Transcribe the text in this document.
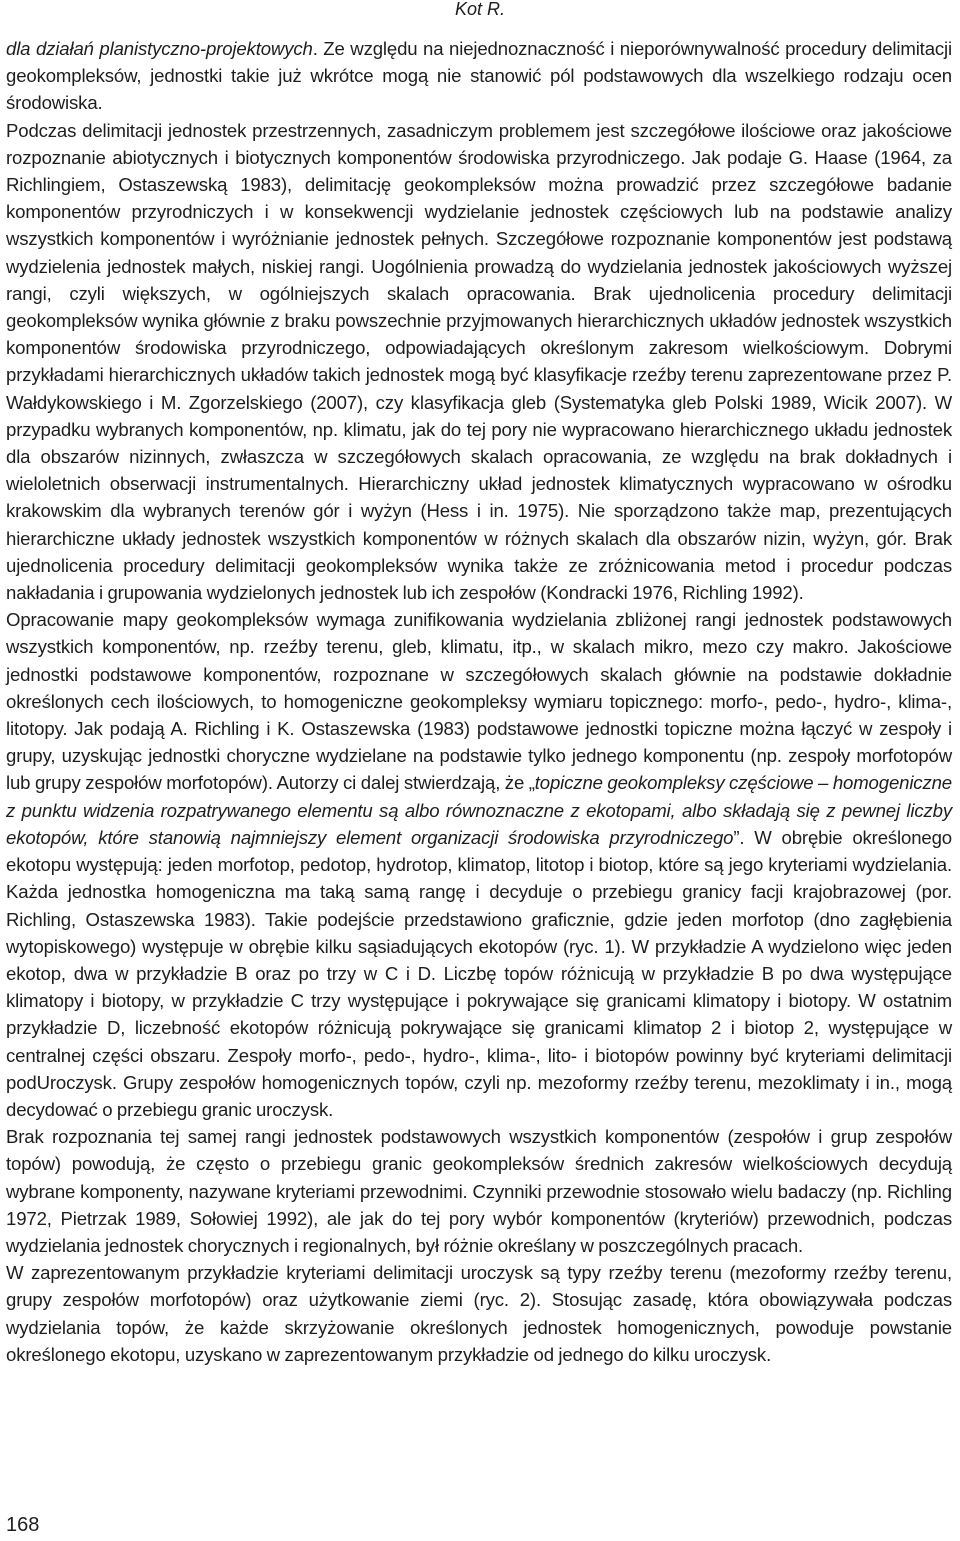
Kot R.

dla działań planistyczno-projektowych. Ze względu na niejednoznaczność i nieporównywalność procedury delimitacji geokompleksów, jednostki takie już wkrótce mogą nie stanowić pól podstawowych dla wszelkiego rodzaju ocen środowiska.

Podczas delimitacji jednostek przestrzennych, zasadniczym problemem jest szczegółowe ilościowe oraz jakościowe rozpoznanie abiotycznych i biotycznych komponentów środowiska przyrodniczego. Jak podaje G. Haase (1964, za Richlingiem, Ostaszewską 1983), delimitację geokompleksów można prowadzić przez szczegółowe badanie komponentów przyrodniczych i w konsekwencji wydzielanie jednostek częściowych lub na podstawie analizy wszystkich komponentów i wyróżnianie jednostek pełnych. Szczegółowe rozpoznanie komponentów jest podstawą wydzielenia jednostek małych, niskiej rangi. Uogólnienia prowadzą do wydzielania jednostek jakościowych wyższej rangi, czyli większych, w ogólniejszych skalach opracowania. Brak ujednolicenia procedury delimitacji geokompleksów wynika głównie z braku powszechnie przyjmowanych hierarchicznych układów jednostek wszystkich komponentów środowiska przyrodniczego, odpowiadających określonym zakresom wielkościowym. Dobrymi przykładami hierarchicznych układów takich jednostek mogą być klasyfikacje rzeźby terenu zaprezentowane przez P. Wałdykowskiego i M. Zgorzelskiego (2007), czy klasyfikacja gleb (Systematyka gleb Polski 1989, Wicik 2007). W przypadku wybranych komponentów, np. klimatu, jak do tej pory nie wypracowano hierarchicznego układu jednostek dla obszarów nizinnych, zwłaszcza w szczegółowych skalach opracowania, ze względu na brak dokładnych i wieloletnich obserwacji instrumentalnych. Hierarchiczny układ jednostek klimatycznych wypracowano w ośrodku krakowskim dla wybranych terenów gór i wyżyn (Hess i in. 1975). Nie sporządzono także map, prezentujących hierarchiczne układy jednostek wszystkich komponentów w różnych skalach dla obszarów nizin, wyżyn, gór. Brak ujednolicenia procedury delimitacji geokompleksów wynika także ze zróżnicowania metod i procedur podczas nakładania i grupowania wydzielonych jednostek lub ich zespołów (Kondracki 1976, Richling 1992).

Opracowanie mapy geokompleksów wymaga zunifikowania wydzielania zbliżonej rangi jednostek podstawowych wszystkich komponentów, np. rzeźby terenu, gleb, klimatu, itp., w skalach mikro, mezo czy makro. Jakościowe jednostki podstawowe komponentów, rozpoznane w szczegółowych skalach głównie na podstawie dokładnie określonych cech ilościowych, to homogeniczne geokompleksy wymiaru topicznego: morfo-, pedo-, hydro-, klima-, litotopy. Jak podają A. Richling i K. Ostaszewska (1983) podstawowe jednostki topiczne można łączyć w zespoły i grupy, uzyskując jednostki choryczne wydzielane na podstawie tylko jednego komponentu (np. zespoły morfotopów lub grupy zespołów morfotopów). Autorzy ci dalej stwierdzają, że „topiczne geokompleksy częściowe – homogeniczne z punktu widzenia rozpatrywanego elementu są albo równoznaczne z ekotopami, albo składają się z pewnej liczby ekotopów, które stanowią najmniejszy element organizacji środowiska przyrodniczego”. W obrębie określonego ekotopu występują: jeden morfotop, pedotop, hydrotop, klimatop, litotop i biotop, które są jego kryteriami wydzielania. Każda jednostka homogeniczna ma taką samą rangę i decyduje o przebiegu granicy facji krajobrazowej (por. Richling, Ostaszewska 1983). Takie podejście przedstawiono graficznie, gdzie jeden morfotop (dno zagłębienia wytopiskowego) występuje w obrębie kilku sąsiadujących ekotopów (ryc. 1). W przykładzie A wydzielono więc jeden ekotop, dwa w przykładzie B oraz po trzy w C i D. Liczbę topów różnicują w przykładzie B po dwa występujące klimatopy i biotopy, w przykładzie C trzy występujące i pokrywające się granicami klimatopy i biotopy. W ostatnim przykładzie D, liczebność ekotopów różnicują pokrywające się granicami klimatop 2 i biotop 2, występujące w centralnej części obszaru. Zespoły morfo-, pedo-, hydro-, klima-, lito- i biotopów powinny być kryteriami delimitacji podUroczysk. Grupy zespołów homogenicznych topów, czyli np. mezoformy rzeźby terenu, mezoklimaty i in., mogą decydować o przebiegu granic uroczysk.

Brak rozpoznania tej samej rangi jednostek podstawowych wszystkich komponentów (zespołów i grup zespołów topów) powodują, że często o przebiegu granic geokompleksów średnich zakresów wielkościowych decydują wybrane komponenty, nazywane kryteriami przewodnimi. Czynniki przewodnie stosowało wielu badaczy (np. Richling 1972, Pietrzak 1989, Sołowiej 1992), ale jak do tej pory wybór komponentów (kryteriów) przewodnich, podczas wydzielania jednostek chorycznych i regionalnych, był różnie określany w poszczególnych pracach.

W zaprezentowanym przykładzie kryteriami delimitacji uroczysk są typy rzeźby terenu (mezoformy rzeźby terenu, grupy zespołów morfotopów) oraz użytkowanie ziemi (ryc. 2). Stosując zasadę, która obowiązywała podczas wydzielania topów, że każde skrzyżowanie określonych jednostek homogenicznych, powoduje powstanie określonego ekotopu, uzyskano w zaprezentowanym przykładzie od jednego do kilku uroczysk.

168
